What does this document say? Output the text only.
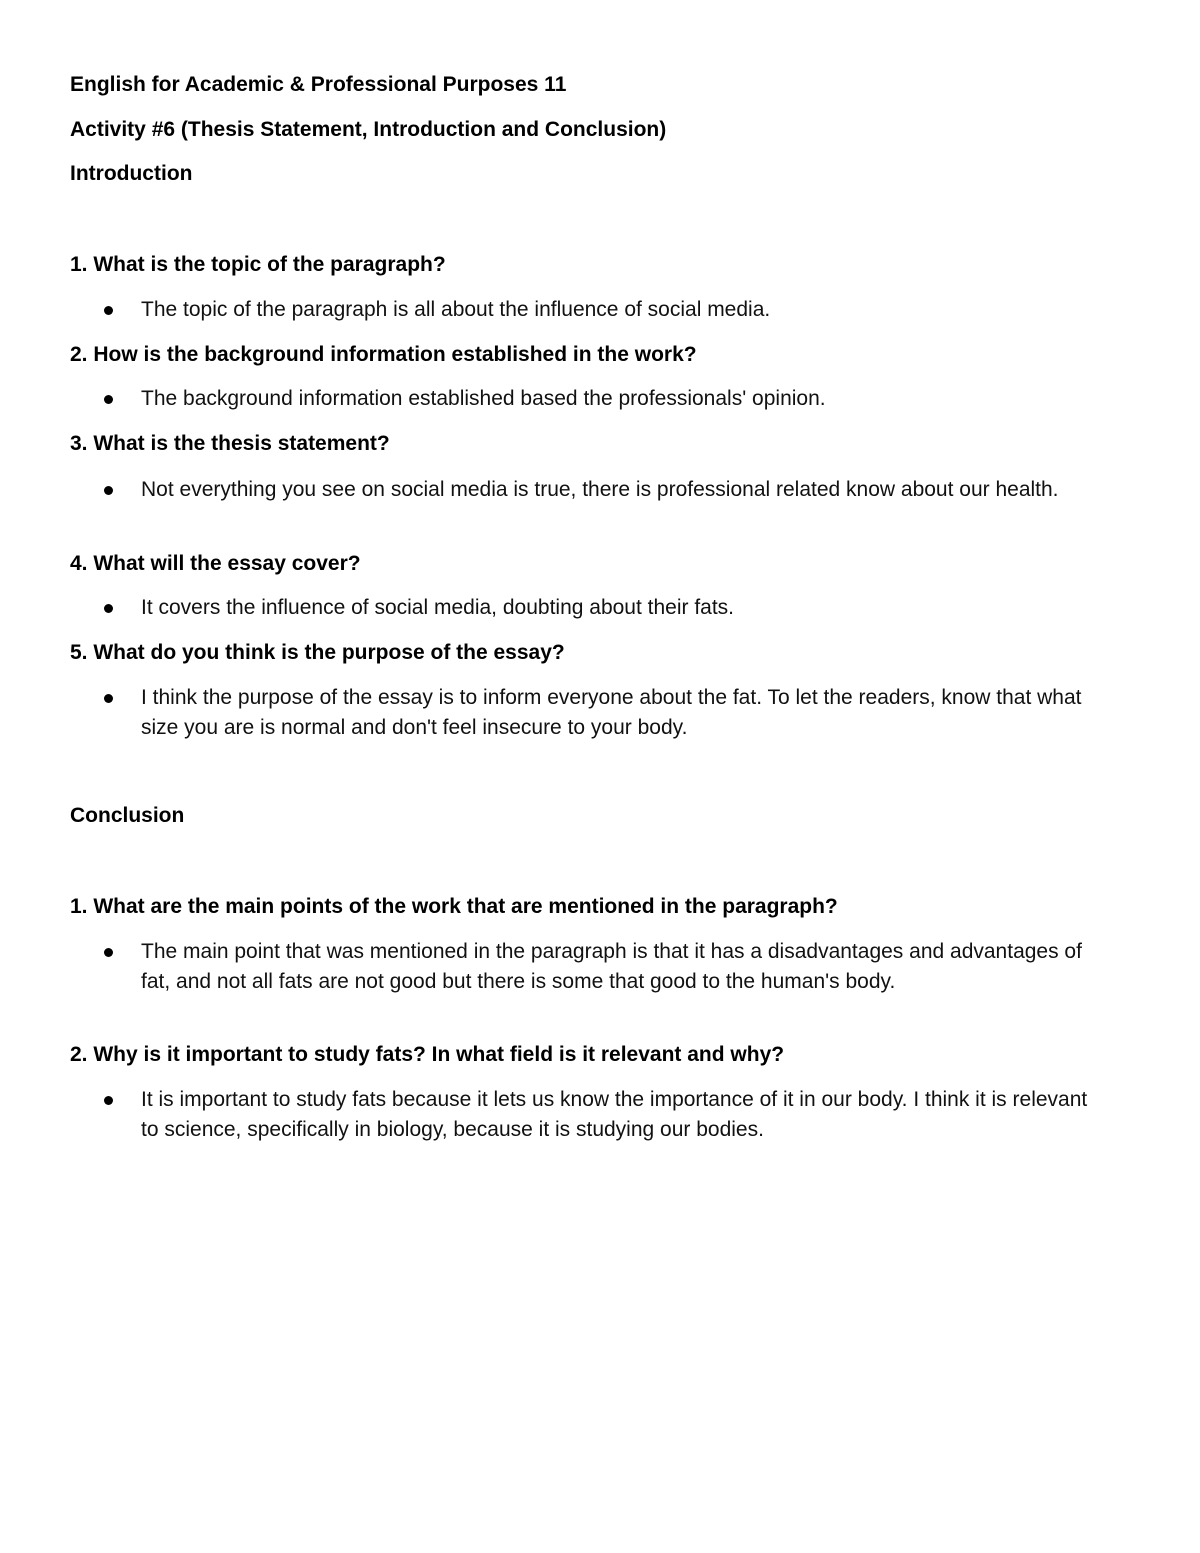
English for Academic & Professional Purposes 11

Activity #6 (Thesis Statement, Introduction and Conclusion)

Introduction

1. What is the topic of the paragraph?

The topic of the paragraph is all about the influence of social media.

2. How is the background information established in the work?

The background information established based the professionals' opinion.

3. What is the thesis statement?

Not everything you see on social media is true, there is professional related know about our health.

4. What will the essay cover?

It covers the influence of social media, doubting about their fats.

5. What do you think is the purpose of the essay?

I think the purpose of the essay is to inform everyone about the fat. To let the readers, know that what size you are is normal and don't feel insecure to your body.

Conclusion

1. What are the main points of the work that are mentioned in the paragraph?

The main point that was mentioned in the paragraph is that it has a disadvantages and advantages of fat, and not all fats are not good but there is some that good to the human's body.

2. Why is it important to study fats? In what field is it relevant and why?

It is important to study fats because it lets us know the importance of it in our body. I think it is relevant to science, specifically in biology, because it is studying our bodies.
